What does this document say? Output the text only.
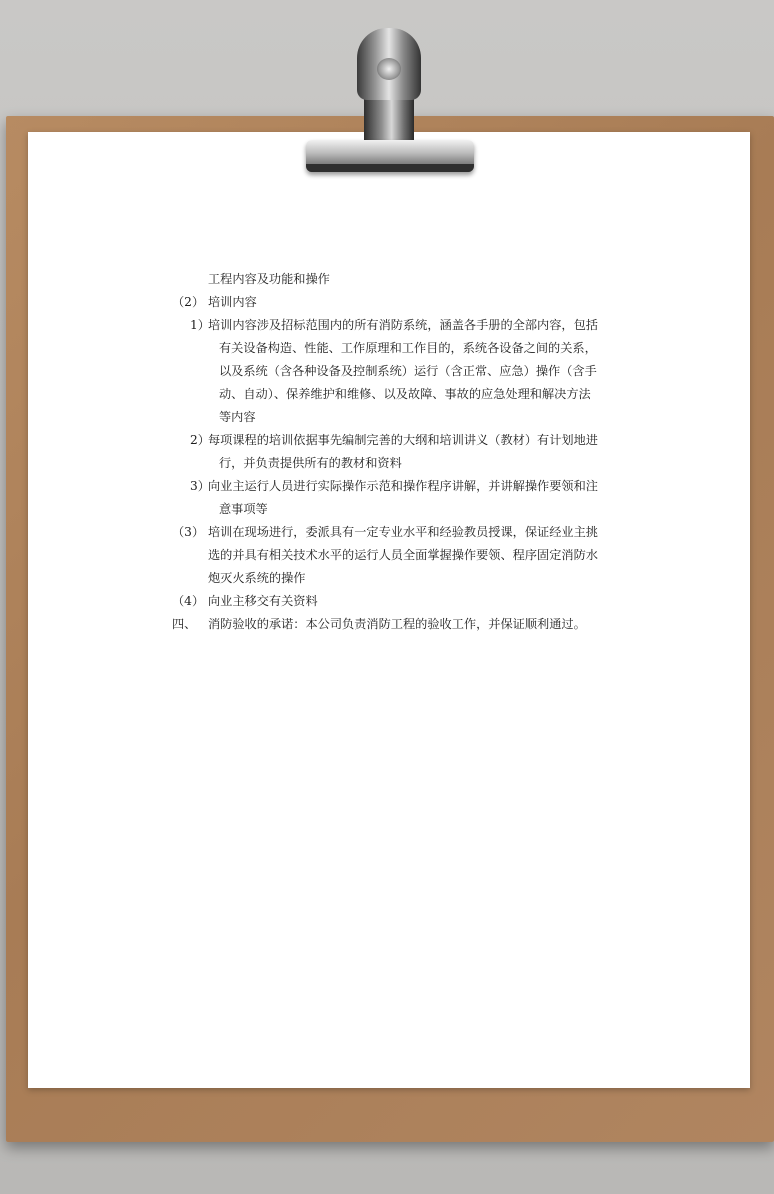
工程内容及功能和操作
（2） 培训内容
1）
培训内容涉及招标范围内的所有消防系统，涵盖各手册的全部内容，包括
有关设备构造、性能、工作原理和工作目的，系统各设备之间的关系，
以及系统（含各种设备及控制系统）运行（含正常、应急）操作（含手
动、自动）、保养维护和维修、以及故障、事故的应急处理和解决方法
等内容
2）
每项课程的培训依据事先编制完善的大纲和培训讲义（教材）有计划地进
行，并负责提供所有的教材和资料
3）
向业主运行人员进行实际操作示范和操作程序讲解，并讲解操作要领和注
意事项等
（3） 培训在现场进行，委派具有一定专业水平和经验教员授课，保证经业主挑
选的并具有相关技术水平的运行人员全面掌握操作要领、程序固定消防水
炮灭火系统的操作
（4） 向业主移交有关资料
四、 消防验收的承诺：本公司负责消防工程的验收工作，并保证顺利通过。
